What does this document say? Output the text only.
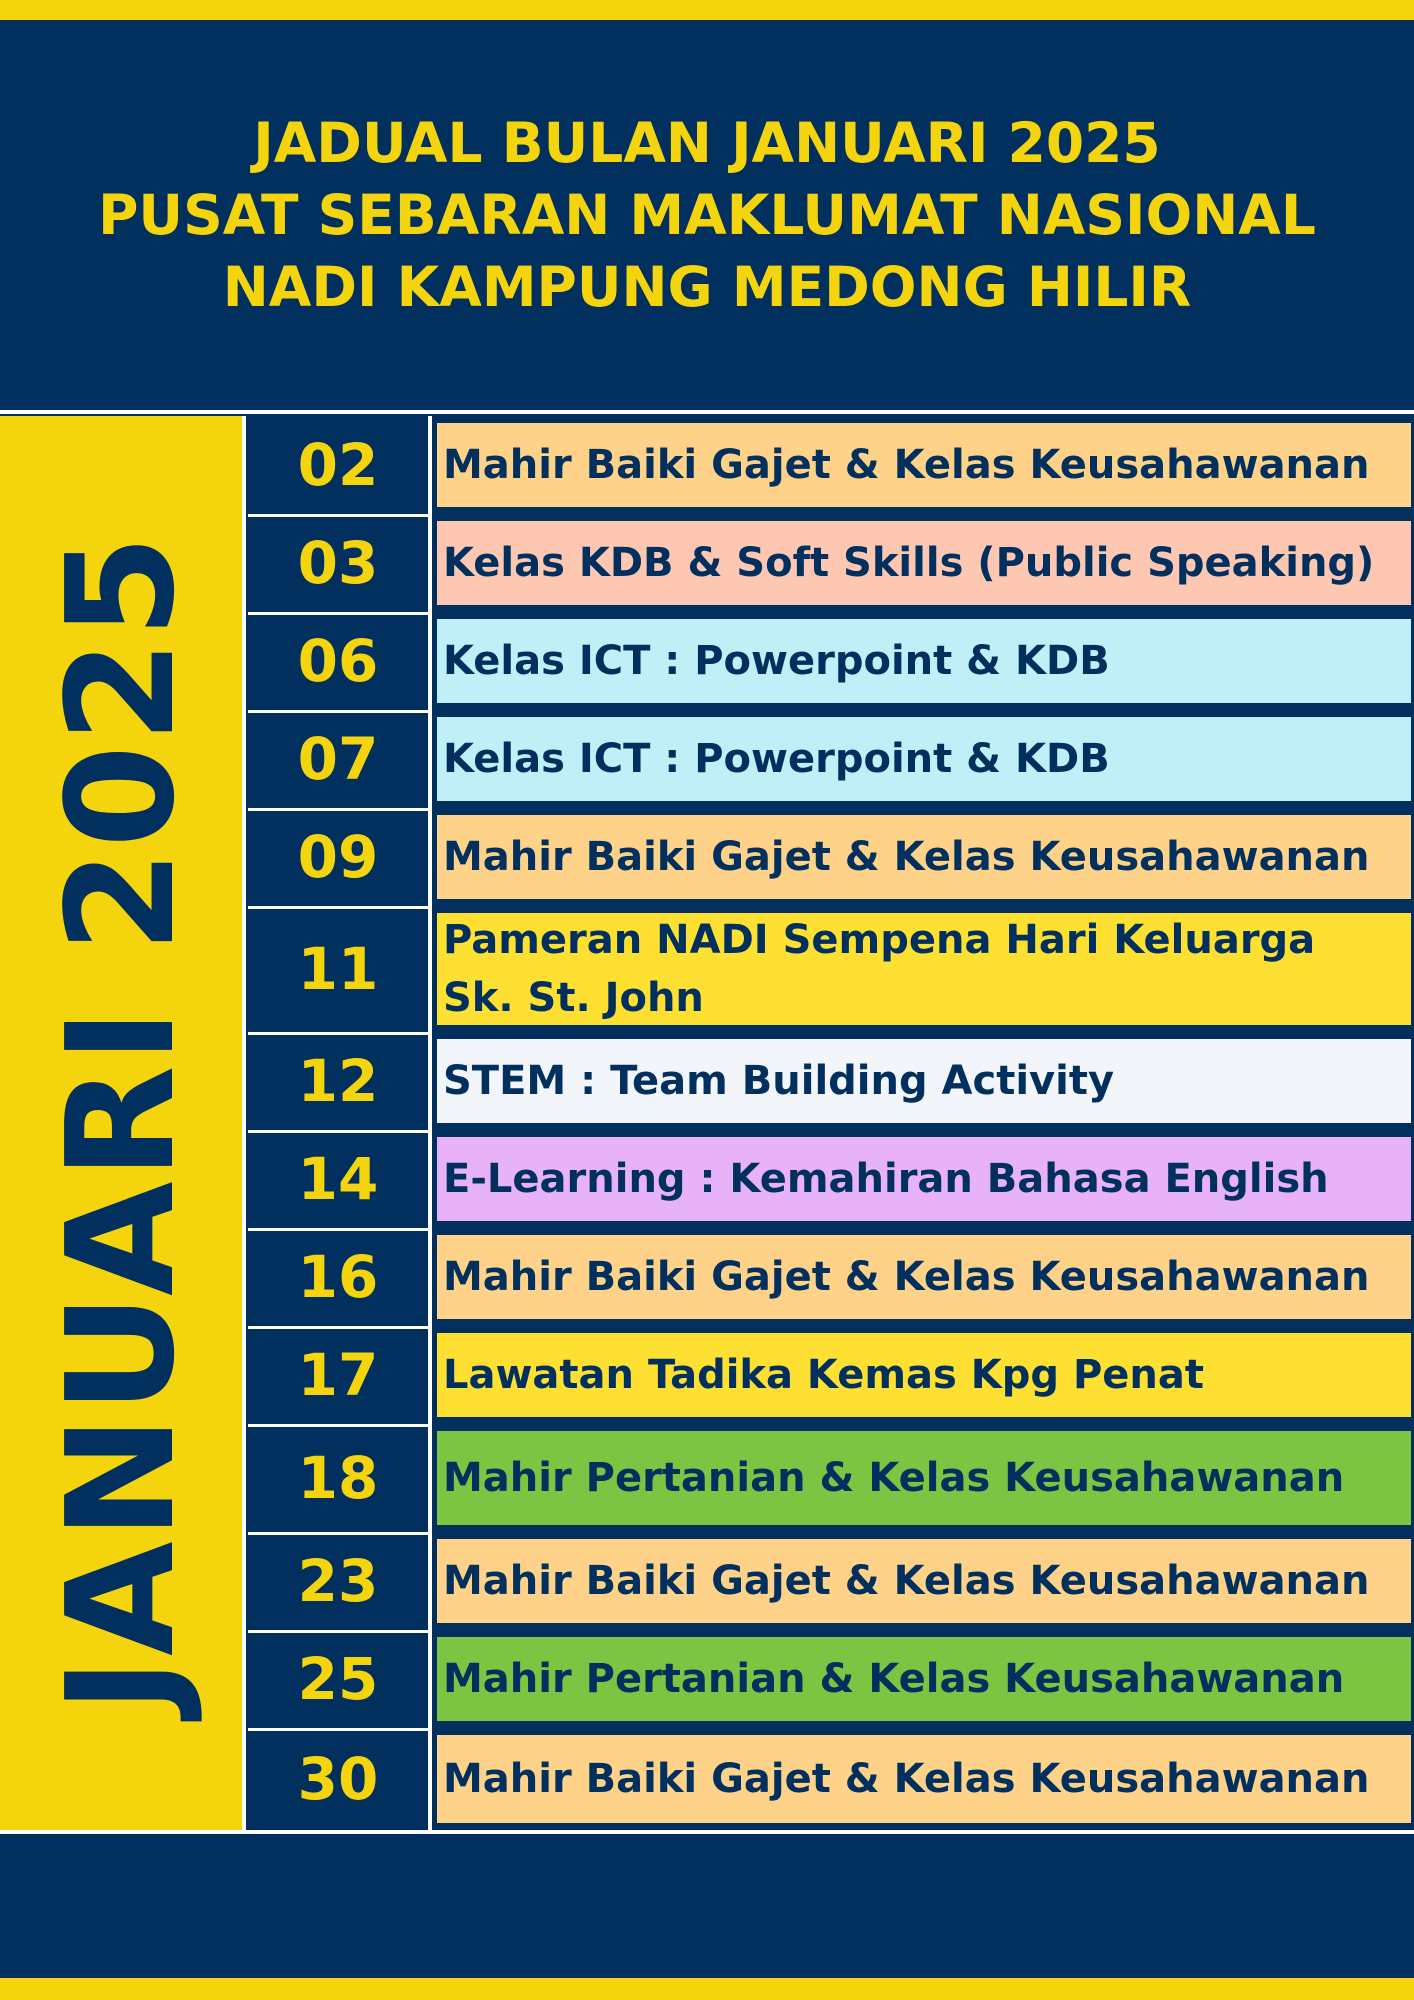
JADUAL BULAN JANUARI 2025
PUSAT SEBARAN MAKLUMAT NASIONAL
NADI KAMPUNG MEDONG HILIR
JANUARI 2025
02	Mahir Baiki Gajet & Kelas Keusahawanan
03	Kelas KDB & Soft Skills (Public Speaking)
06	Kelas ICT : Powerpoint & KDB
07	Kelas ICT : Powerpoint & KDB
09	Mahir Baiki Gajet & Kelas Keusahawanan
11	Pameran NADI Sempena Hari Keluarga
Sk. St. John
12	STEM : Team Building Activity
14	E-Learning : Kemahiran Bahasa English
16	Mahir Baiki Gajet & Kelas Keusahawanan
17	Lawatan Tadika Kemas Kpg Penat
18	Mahir Pertanian & Kelas Keusahawanan
23	Mahir Baiki Gajet & Kelas Keusahawanan
25	Mahir Pertanian & Kelas Keusahawanan
30	Mahir Baiki Gajet & Kelas Keusahawanan
